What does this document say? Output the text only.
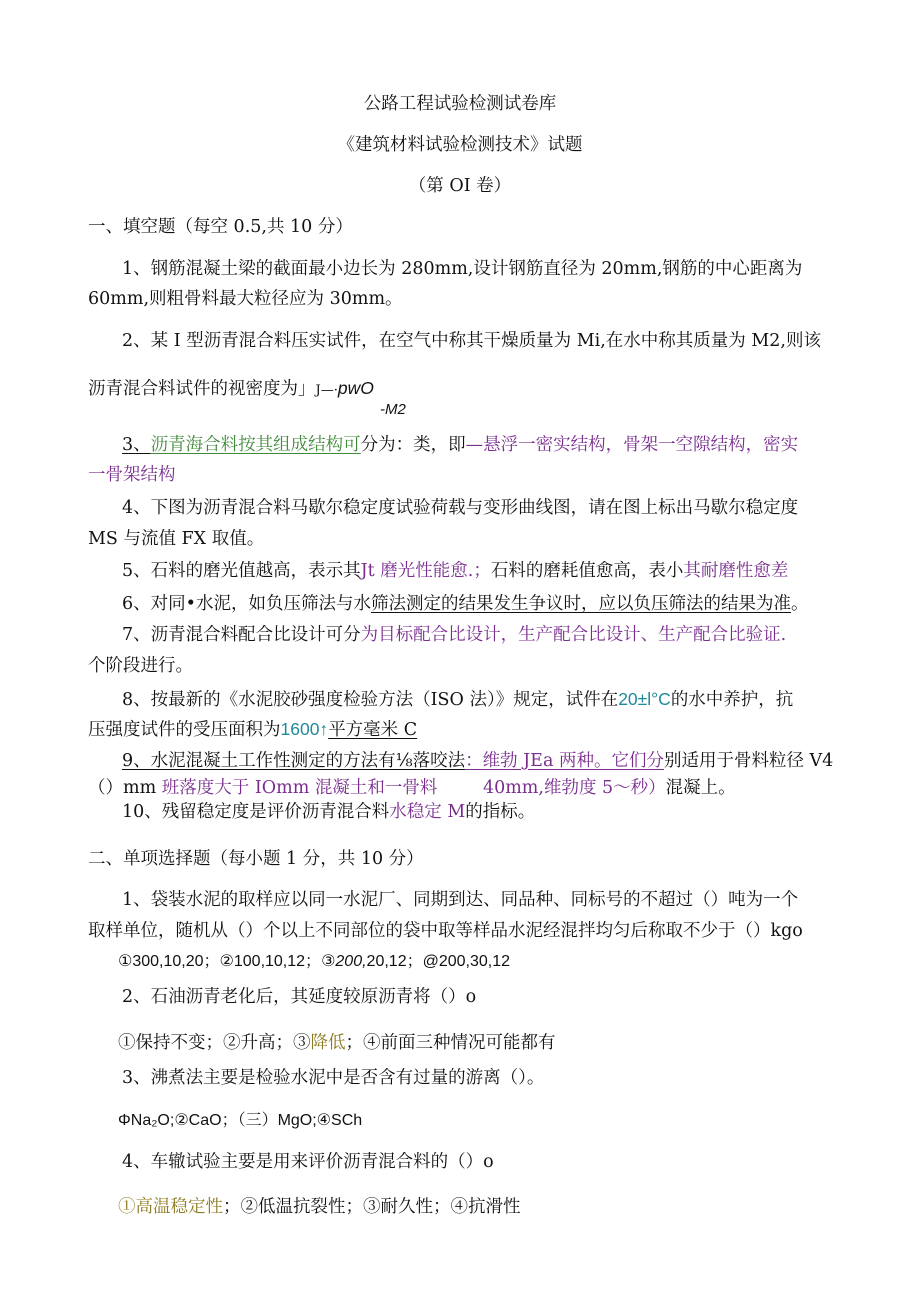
公路工程试验检测试卷库
《建筑材料试验检测技术》试题
（第 OI 卷）
一、填空题（每空 0.5,共 10 分）
1、钢筋混凝土梁的截面最小边长为 280mm,设计钢筋直径为 20mm,钢筋的中心距离为
60mm,则粗骨料最大粒径应为 30mm。
2、某 I 型沥青混合料压实试件，在空气中称其干燥质量为 Mi,在水中称其质量为 M2,则该
沥青混合料试件的视密度为」J—·pwO
-M2
3、沥青海合料按其组成结构可分为：类，即—悬浮一密实结构，骨架一空隙结构，密实
一骨架结构
4、下图为沥青混合料马歇尔稳定度试验荷载与变形曲线图，请在图上标出马歇尔稳定度
MS 与流值 FX 取值。
5、石料的磨光值越高，表示其Jt 磨光性能愈.；石料的磨耗值愈高，表小其耐磨性愈差
6、对同•水泥，如负压筛法与水筛法测定的结果发生争议时，应以负压筛法的结果为准。
7、沥青混合料配合比设计可分为目标配合比设计，生产配合比设计、生产配合比验证.
个阶段进行。
8、按最新的《水泥胶砂强度检验方法（ISO 法）》规定，试件在20±l°C的水中养护，抗
压强度试件的受压面积为1600↑平方毫米 C
9、水泥混凝土工作性测定的方法有⅛落咬法：维勃 JEa 两种。它们分别适用于骨料粒径 V4
（）mm 班落度大于 IOmm 混凝土和一骨料	40mm,维勃度 5～秒）混凝上。
10、残留稳定度是评价沥青混合料水稳定 M的指标。
二、单项选择题（每小题 1 分，共 10 分）
1、袋装水泥的取样应以同一水泥厂、同期到达、同品种、同标号的不超过（）吨为一个
取样单位，随机从（）个以上不同部位的袋中取等样品水泥经混拌均匀后称取不少于（）kgo
①300,10,20；②100,10,12；③200,20,12；@200,30,12
2、石油沥青老化后，其延度较原沥青将（）o
①保持不变；②升高；③降低；④前面三种情况可能都有
3、沸煮法主要是检验水泥中是否含有过量的游离（）。
ΦNa₂O;②CaO；（三）MgO;④SCh
4、车辙试验主要是用来评价沥青混合料的（）o
①高温稳定性；②低温抗裂性；③耐久性；④抗滑性
